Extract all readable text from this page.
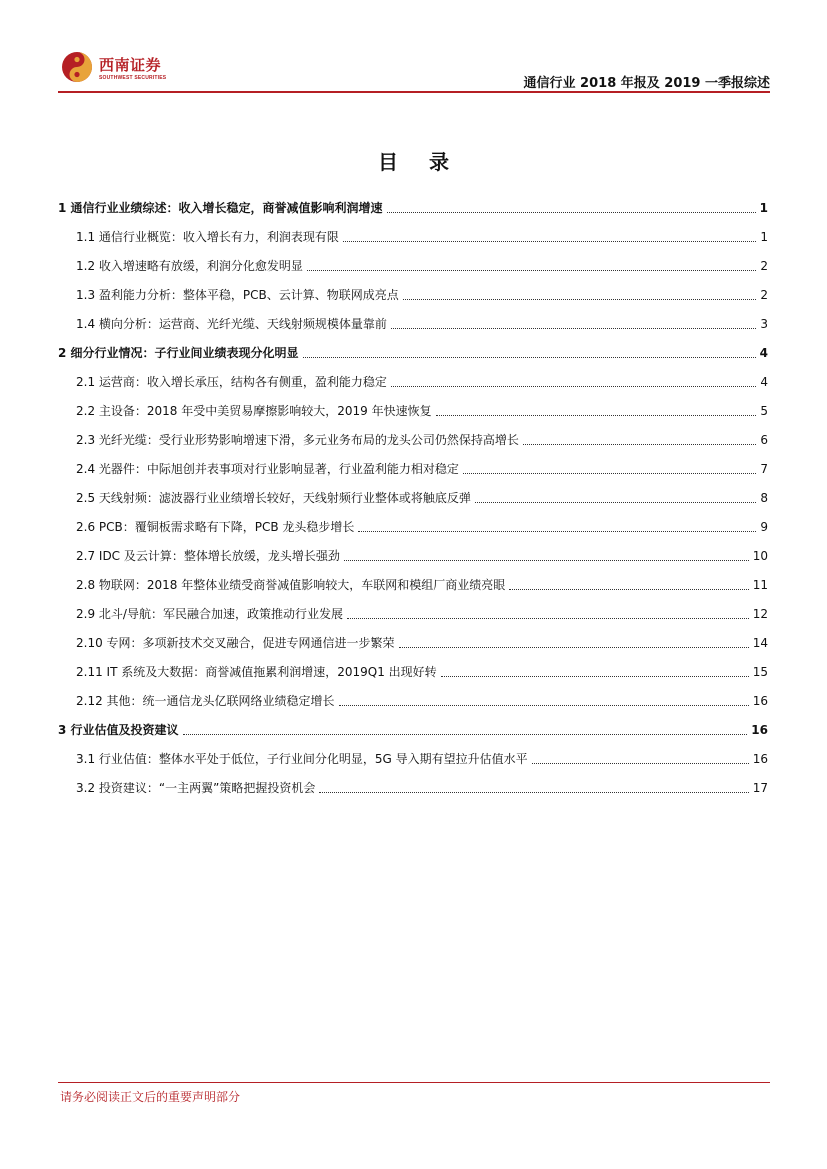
西南证券
SOUTHWEST SECURITIES	通信行业 2018 年报及 2019 一季报综述
目 录
1 通信行业业绩综述：收入增长稳定，商誉减值影响利润增速	1
1.1 通信行业概览：收入增长有力，利润表现有限	1
1.2 收入增速略有放缓，利润分化愈发明显	2
1.3 盈利能力分析：整体平稳，PCB、云计算、物联网成亮点	2
1.4 横向分析：运营商、光纤光缆、天线射频规模体量靠前	3
2 细分行业情况：子行业间业绩表现分化明显	4
2.1 运营商：收入增长承压，结构各有侧重，盈利能力稳定	4
2.2 主设备：2018 年受中美贸易摩擦影响较大，2019 年快速恢复	5
2.3 光纤光缆：受行业形势影响增速下滑，多元业务布局的龙头公司仍然保持高增长	6
2.4 光器件：中际旭创并表事项对行业影响显著，行业盈利能力相对稳定	7
2.5 天线射频：滤波器行业业绩增长较好，天线射频行业整体或将触底反弹	8
2.6 PCB：覆铜板需求略有下降，PCB 龙头稳步增长	9
2.7 IDC 及云计算：整体增长放缓，龙头增长强劲	10
2.8 物联网：2018 年整体业绩受商誉减值影响较大，车联网和模组厂商业绩亮眼	11
2.9 北斗/导航：军民融合加速，政策推动行业发展	12
2.10 专网：多项新技术交叉融合，促进专网通信进一步繁荣	14
2.11 IT 系统及大数据：商誉减值拖累利润增速，2019Q1 出现好转	15
2.12 其他：统一通信龙头亿联网络业绩稳定增长	16
3 行业估值及投资建议	16
3.1 行业估值：整体水平处于低位，子行业间分化明显，5G 导入期有望拉升估值水平	16
3.2 投资建议：“一主两翼”策略把握投资机会	17
请务必阅读正文后的重要声明部分
